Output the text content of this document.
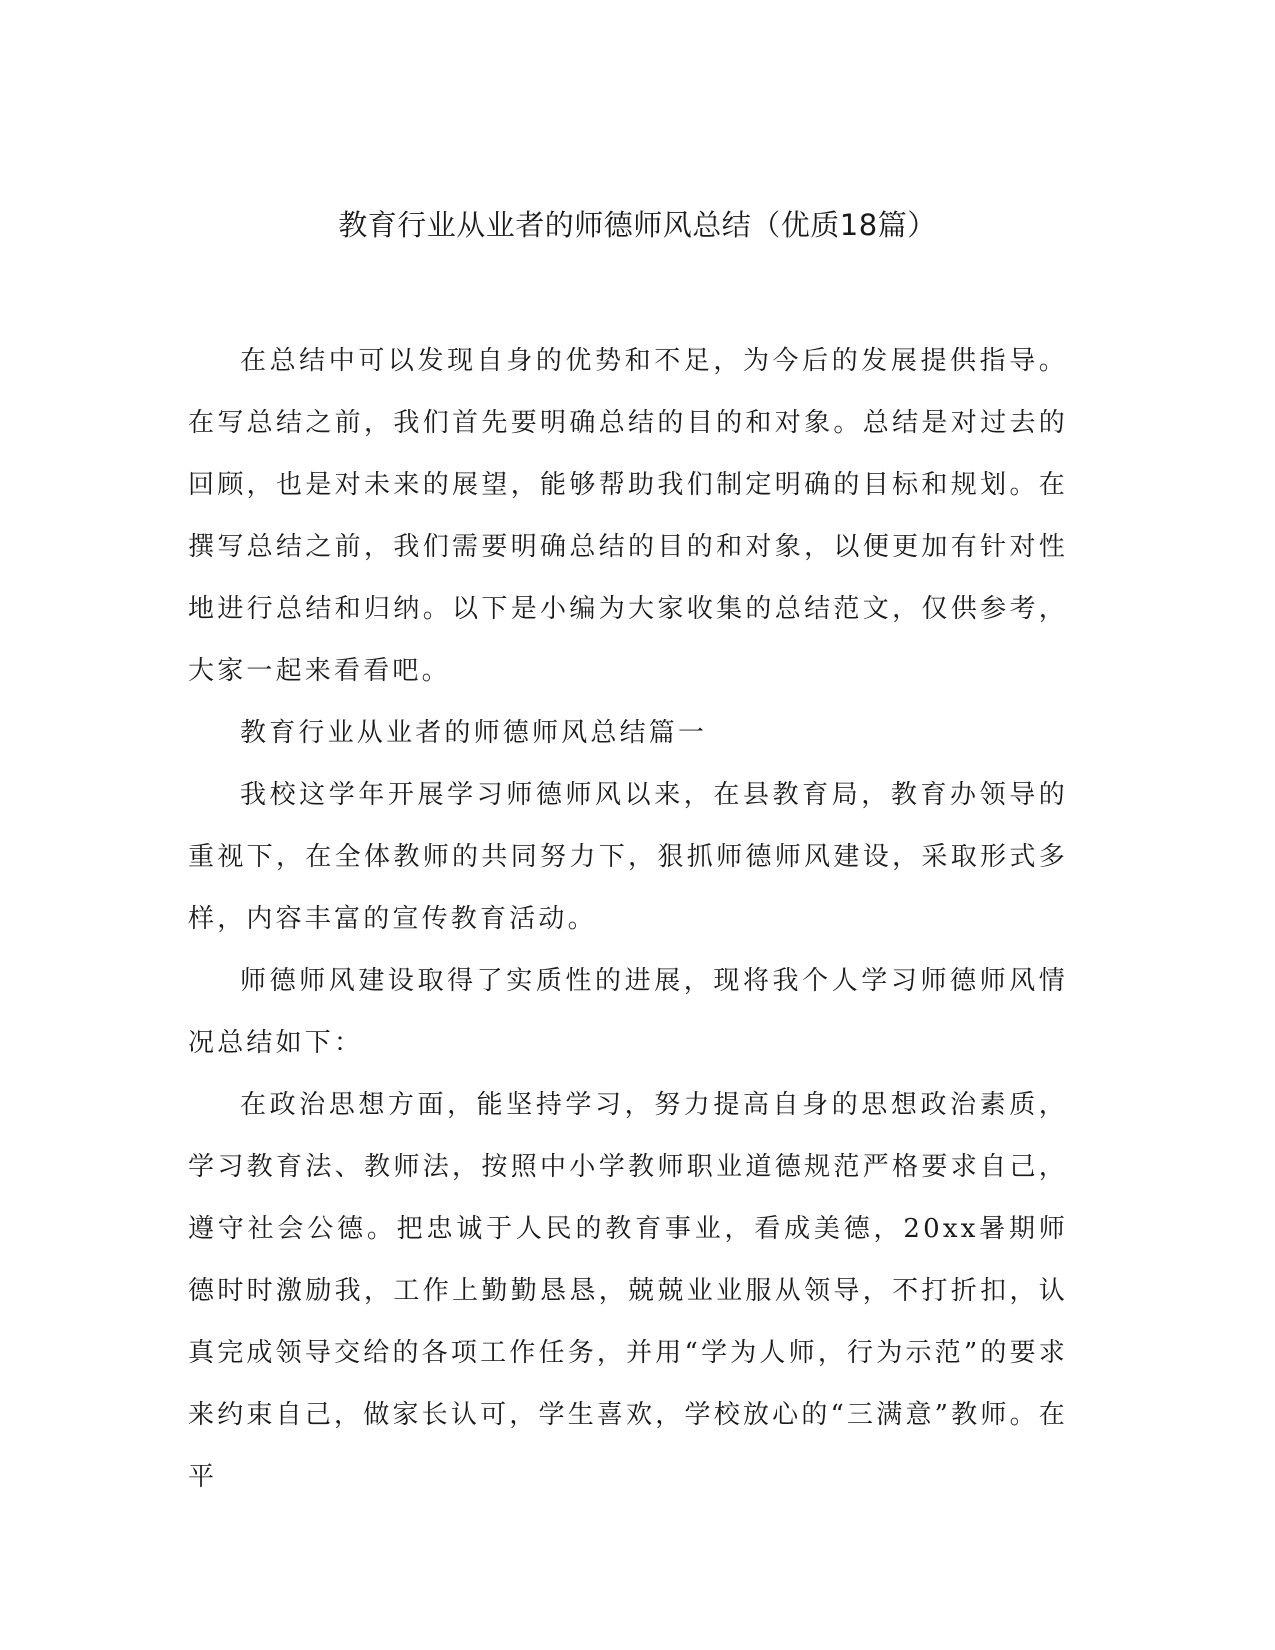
教育行业从业者的师德师风总结（优质18篇）

在总结中可以发现自身的优势和不足，为今后的发展提供指导。在写总结之前，我们首先要明确总结的目的和对象。总结是对过去的回顾，也是对未来的展望，能够帮助我们制定明确的目标和规划。在撰写总结之前，我们需要明确总结的目的和对象，以便更加有针对性地进行总结和归纳。以下是小编为大家收集的总结范文，仅供参考，大家一起来看看吧。

教育行业从业者的师德师风总结篇一

我校这学年开展学习师德师风以来，在县教育局，教育办领导的重视下，在全体教师的共同努力下，狠抓师德师风建设，采取形式多样，内容丰富的宣传教育活动。

师德师风建设取得了实质性的进展，现将我个人学习师德师风情况总结如下：

在政治思想方面，能坚持学习，努力提高自身的思想政治素质，学习教育法、教师法，按照中小学教师职业道德规范严格要求自己，遵守社会公德。把忠诚于人民的教育事业，看成美德，20xx暑期师德时时激励我，工作上勤勤恳恳，兢兢业业服从领导，不打折扣，认真完成领导交给的各项工作任务，并用“学为人师，行为示范”的要求来约束自己，做家长认可，学生喜欢，学校放心的“三满意”教师。在平
